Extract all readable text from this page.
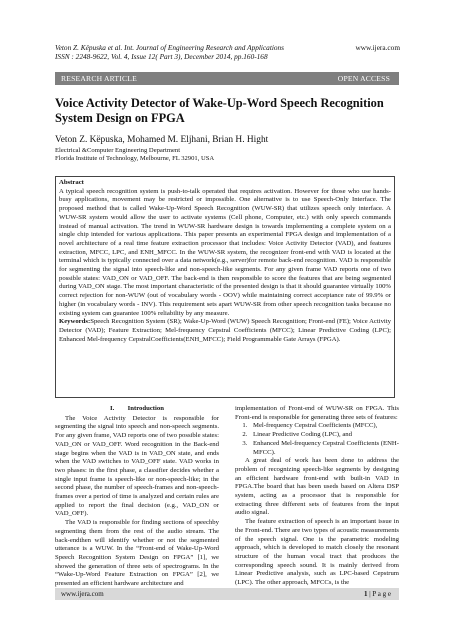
Veton Z. Këpuska et al. Int. Journal of Engineering Research and Applications
ISSN : 2248-9622, Vol. 4, Issue 12( Part 3), December 2014, pp.160-168
www.ijera.com
RESEARCH ARTICLE	OPEN ACCESS
Voice Activity Detector of Wake-Up-Word Speech Recognition System Design on FPGA
Veton Z. Këpuska, Mohamed M. Eljhani, Brian H. Hight
Electrical &Computer Engineering Department
Florida Institute of Technology, Melbourne, FL 32901, USA
Abstract
A typical speech recognition system is push-to-talk operated that requires activation. However for those who use hands-busy applications, movement may be restricted or impossible. One alternative is to use Speech-Only Interface. The proposed method that is called Wake-Up-Word Speech Recognition (WUW-SR) that utilizes speech only interface. A WUW-SR system would allow the user to activate systems (Cell phone, Computer, etc.) with only speech commands instead of manual activation. The trend in WUW-SR hardware design is towards implementing a complete system on a single chip intended for various applications. This paper presents an experimental FPGA design and implementation of a novel architecture of a real time feature extraction processor that includes: Voice Activity Detector (VAD), and features extraction, MFCC, LPC, and ENH_MFCC. In the WUW-SR system, the recognizer front-end with VAD is located at the terminal which is typically connected over a data network(e.g., server)for remote back-end recognition. VAD is responsible for segmenting the signal into speech-like and non-speech-like segments. For any given frame VAD reports one of two possible states: VAD_ON or VAD_OFF. The back-end is then responsible to score the features that are being segmented during VAD_ON stage. The most important characteristic of the presented design is that it should guarantee virtually 100% correct rejection for non-WUW (out of vocabulary words - OOV) while maintaining correct acceptance rate of 99.9% or higher (in vocabulary words - INV). This requirement sets apart WUW-SR from other speech recognition tasks because no existing system can guarantee 100% reliability by any measure.
Keywords:Speech Recognition System (SR); Wake-Up-Word (WUW) Speech Recognition; Front-end (FE); Voice Activity Detector (VAD); Feature Extraction; Mel-frequency Cepstral Coefficients (MFCC); Linear Predictive Coding (LPC); Enhanced Mel-frequency CepstralCoefficients(ENH_MFCC); Field Programmable Gate Arrays (FPGA).
I.        Introduction

The Voice Activity Detector is responsible for segmenting the signal into speech and non-speech segments. For any given frame, VAD reports one of two possible states: VAD_ON or VAD_OFF. Word recognition in the Back-end stage begins when the VAD is in VAD_ON state, and ends when the VAD switches to VAD_OFF state. VAD works in two phases: in the first phase, a classifier decides whether a single input frame is speech-like or non-speech-like; in the second phase, the number of speech-frames and non-speech-frames over a period of time is analyzed and certain rules are applied to report the final decision (e.g., VAD_ON or VAD_OFF).

The VAD is responsible for finding sections of speechby segmenting them from the rest of the audio stream. The back-endthen will identify whether or not the segmented utterance is a WUW. In the “Front-end of Wake-Up-Word Speech Recognition System Design on FPGA” [1], we showed the generation of three sets of spectrograms. In the “Wake-Up-Word Feature Extraction on FPGA” [2], we presented an efficient hardware architecture and

implementation of Front-end of WUW-SR on FPGA. This Front-end is responsible for generating three sets of features:

1. Mel-frequency Cepstral Coefficients (MFCC),
2. Linear Predictive Coding (LPC), and
3. Enhanced Mel-frequency Cepstral Coefficients (ENH-MFCC).

A great deal of work has been done to address the problem of recognizing speech-like segments by designing an efficient hardware front-end with built-in VAD in FPGA.The board that has been useds based on Altera DSP system, acting as a processor that is responsible for extracting three different sets of features from the input audio signal.

The feature extraction of speech is an important issue in the Front-end. There are two types of acoustic measurements of the speech signal. One is the parametric modeling approach, which is developed to match closely the resonant structure of the human vocal tract that produces the corresponding speech sound. It is mainly derived from Linear Predictive analysis, such as LPC-based Cepstrum (LPC). The other approach, MFCCs, is the

www.ijera.com	1 | P a g e
